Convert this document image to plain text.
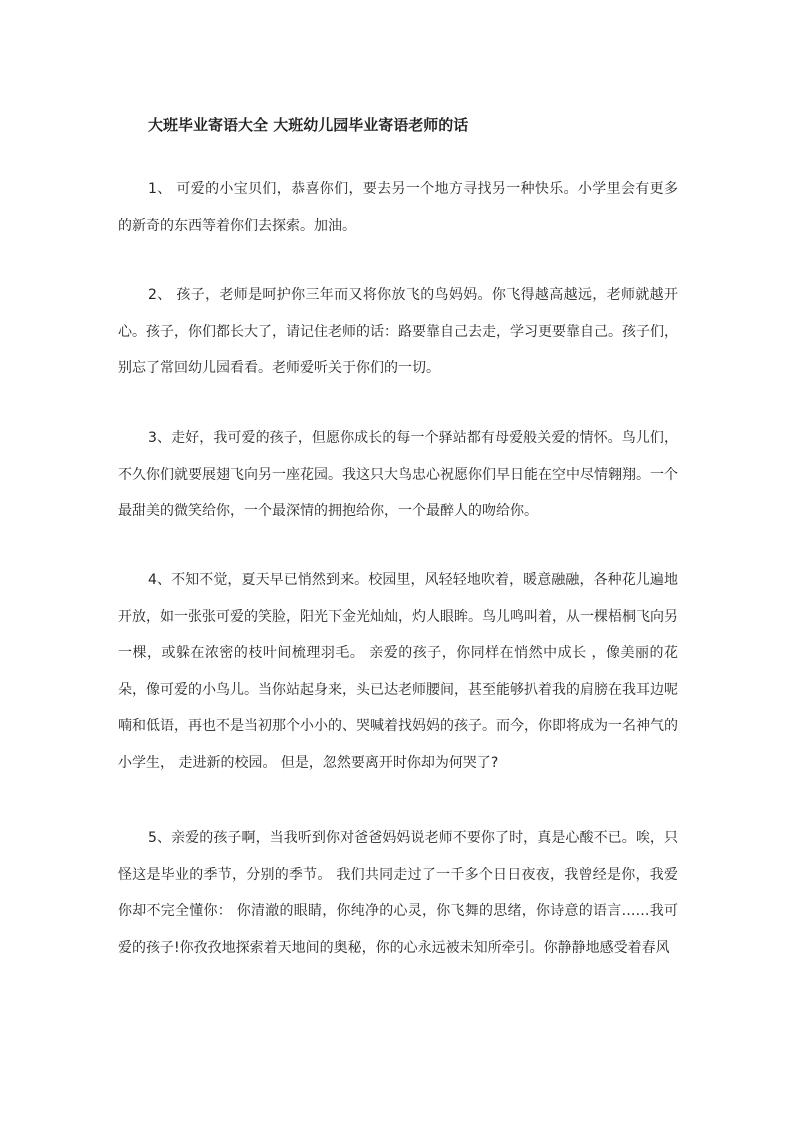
大班毕业寄语大全 大班幼儿园毕业寄语老师的话
1、 可爱的小宝贝们，恭喜你们，要去另一个地方寻找另一种快乐。小学里会有更多的新奇的东西等着你们去探索。加油。
2、 孩子，老师是呵护你三年而又将你放飞的鸟妈妈。你飞得越高越远，老师就越开心。孩子，你们都长大了，请记住老师的话：路要靠自己去走，学习更要靠自己。孩子们，别忘了常回幼儿园看看。老师爱听关于你们的一切。
3、走好，我可爱的孩子，但愿你成长的每一个驿站都有母爱般关爱的情怀。鸟儿们，不久你们就要展翅飞向另一座花园。我这只大鸟忠心祝愿你们早日能在空中尽情翱翔。一个最甜美的微笑给你，一个最深情的拥抱给你，一个最醉人的吻给你。
4、不知不觉，夏天早已悄然到来。校园里，风轻轻地吹着，暖意融融，各种花儿遍地开放，如一张张可爱的笑脸，阳光下金光灿灿，灼人眼眸。鸟儿鸣叫着，从一棵梧桐飞向另一棵，或躲在浓密的枝叶间梳理羽毛。 亲爱的孩子，你同样在悄然中成长 ，像美丽的花朵，像可爱的小鸟儿。当你站起身来，头已达老师腰间，甚至能够扒着我的肩膀在我耳边呢喃和低语，再也不是当初那个小小的、哭喊着找妈妈的孩子。而今，你即将成为一名神气的小学生， 走进新的校园。 但是，忽然要离开时你却为何哭了?
5、亲爱的孩子啊，当我听到你对爸爸妈妈说老师不要你了时，真是心酸不已。唉，只怪这是毕业的季节，分别的季节。 我们共同走过了一千多个日日夜夜，我曾经是你，我爱你却不完全懂你： 你清澈的眼睛，你纯净的心灵，你飞舞的思绪，你诗意的语言……我可爱的孩子!你孜孜地探索着天地间的奥秘，你的心永远被未知所牵引。你静静地感受着春风
